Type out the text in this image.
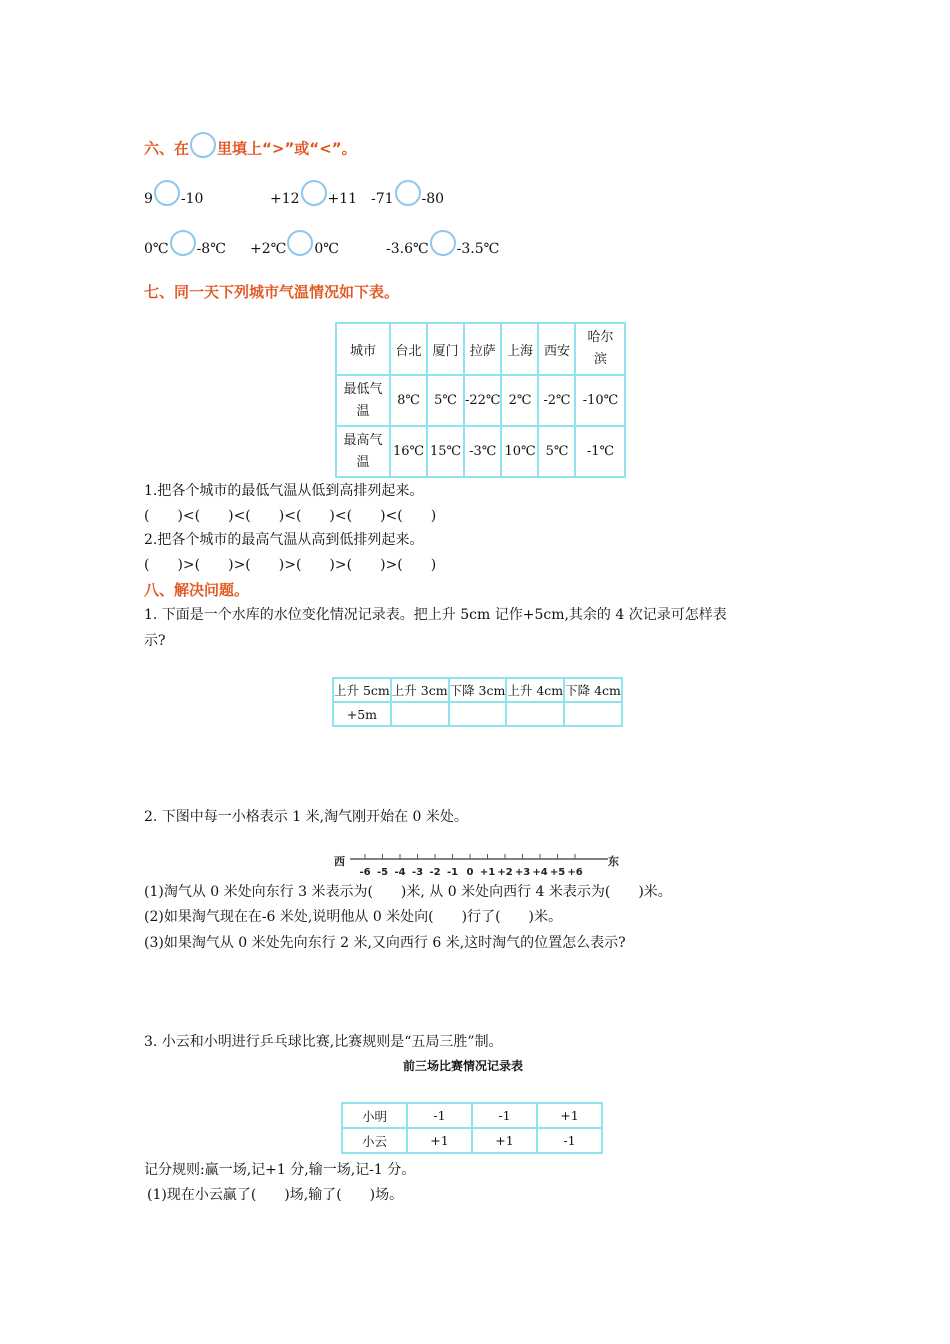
六、在 里填上“>”或“<”。
9 -10	+12 +11 -71 -80
0℃ -8℃ +2℃ 0℃	-3.6℃ -3.5℃
七、同一天下列城市气温情况如下表。
城市	台北	厦门	拉萨	上海	西安	哈尔滨
最低气温	8℃	5℃	-22℃	2℃	-2℃	-10℃
最高气温	16℃	15℃	-3℃	10℃	5℃	-1℃
1.把各个城市的最低气温从低到高排列起来。
(　　)<(　　)<(　　)<(　　)<(　　)<(　　)
2.把各个城市的最高气温从高到低排列起来。
(　　)>(　　)>(　　)>(　　)>(　　)>(　　)
八、解决问题。
1. 下面是一个水库的水位变化情况记录表。把上升 5cm 记作+5cm,其余的 4 次记录可怎样表
示?
上升 5cm	上升 3cm	下降 3cm	上升 4cm	下降 4cm
+5m				
2. 下图中每一小格表示 1 米,淘气刚开始在 0 米处。
西	东
-6 -5 -4 -3 -2 -1 0 +1 +2 +3 +4 +5 +6
(1)淘气从 0 米处向东行 3 米表示为(　　)米, 从 0 米处向西行 4 米表示为(　　)米。
(2)如果淘气现在在-6 米处,说明他从 0 米处向(　　)行了(　　)米。
(3)如果淘气从 0 米处先向东行 2 米,又向西行 6 米,这时淘气的位置怎么表示?
3. 小云和小明进行乒乓球比赛,比赛规则是“五局三胜”制。
前三场比赛情况记录表
小明	-1	-1	+1
小云	+1	+1	-1
记分规则:赢一场,记+1 分,输一场,记-1 分。
(1)现在小云赢了(　　)场,输了(　　)场。
